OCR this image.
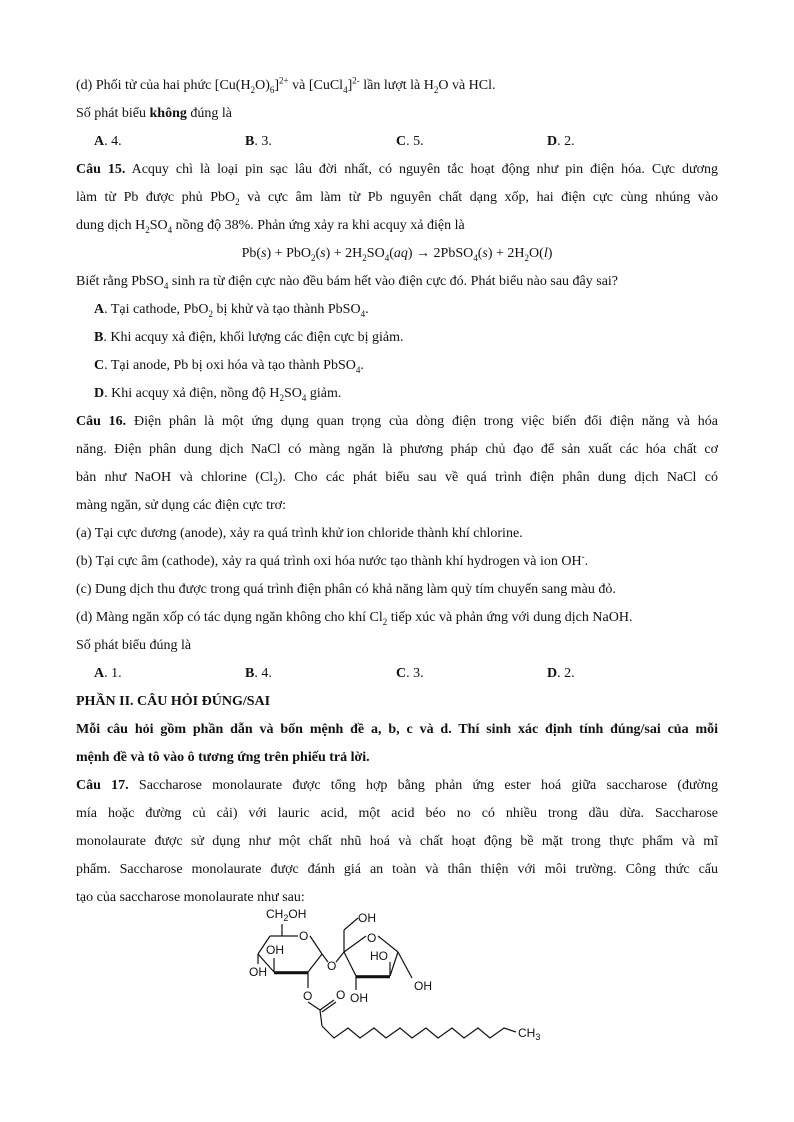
(d) Phối tử của hai phức $[Cu(H_2O)_6]^{2+}$ và [CuCl$_4$]$^{2-}$ lần lượt là $H_2O$ và HCl.
Số phát biểu không đúng là
A. 4.	B. 3.	C. 5.	D. 2.
Câu 15. Acquy chì là loại pin sạc lâu đời nhất, có nguyên tắc hoạt động như pin điện hóa. Cực dương
làm từ Pb được phủ PbO$_2$ và cực âm làm từ Pb nguyên chất dạng xốp, hai điện cực cùng nhúng vào
dung dịch $H_2SO_4$ nồng độ 38%. Phản ứng xảy ra khi acquy xả điện là
$Pb(s) + PbO_2(s) + 2H_2SO_4(aq)$ → 2PbSO$_4$(s) + $2H_2O(l)$
Biết rằng PbSO$_4$ sinh ra từ điện cực nào đều bám hết vào điện cực đó. Phát biểu nào sau đây sai?
A. Tại cathode, PbO$_2$ bị khử và tạo thành PbSO$_4$.
B. Khi acquy xả điện, khối lượng các điện cực bị giảm.
C. Tại anode, Pb bị oxi hóa và tạo thành PbSO$_4$.
D. Khi acquy xả điện, nồng độ $H_2SO_4$ giảm.
Câu 16. Điện phân là một ứng dụng quan trọng của dòng điện trong việc biến đổi điện năng và hóa
năng. Điện phân dung dịch NaCl có màng ngăn là phương pháp chủ đạo để sản xuất các hóa chất cơ
bản như NaOH và chlorine $(Cl_2)$. Cho các phát biểu sau về quá trình điện phân dung dịch NaCl có
màng ngăn, sử dụng các điện cực trơ:
(a) Tại cực dương (anode), xảy ra quá trình khử ion chloride thành khí chlorine.
(b) Tại cực âm (cathode), xảy ra quá trình oxi hóa nước tạo thành khí hydrogen và ion OH-.
(c) Dung dịch thu được trong quá trình điện phân có khả năng làm quỳ tím chuyển sang màu đỏ.
(d) Màng ngăn xốp có tác dụng ngăn không cho khí $Cl_2$ tiếp xúc và phản ứng với dung dịch NaOH.
Số phát biểu đúng là
A. 1.	B. 4.	C. 3.	D. 2.
PHẦN II. CÂU HỎI ĐÚNG/SAI
Mỗi câu hỏi gồm phần dẫn và bốn mệnh đề a, b, c và d. Thí sinh xác định tính đúng/sai của mỗi
mệnh đề và tô vào ô tương ứng trên phiếu trả lời.
Câu 17. Saccharose monolaurate được tổng hợp bằng phản ứng ester hoá giữa saccharose (đường
mía hoặc đường củ cải) với lauric acid, một acid béo no có nhiều trong dầu dừa. Saccharose
monolaurate được sử dụng như một chất nhũ hoá và chất hoạt động bề mặt trong thực phẩm và mĩ
phẩm. Saccharose monolaurate được đánh giá an toàn và thân thiện với môi trường. Công thức cấu
tạo của saccharose monolaurate như sau:
$CH_2OH$
O
OH
OH	O
OH
O
HO
OH
OH
O O
$CH_3$
